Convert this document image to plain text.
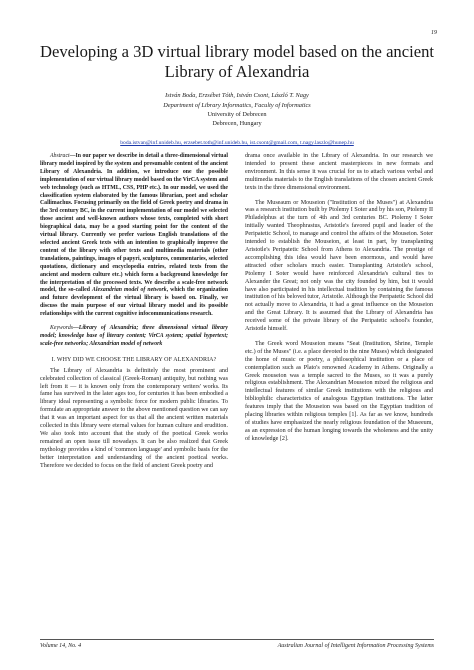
19
Developing a 3D virtual library model based on the ancient Library of Alexandria
István Boda, Erzsébet Tóth, István Csont, László T. Nagy
Department of Library Informatics, Faculty of Informatics
University of Debrecen
Debrecen, Hungary
boda.istvan@inf.unideb.hu, erzsebet.toth@inf.unideb.hu, ist.csont@gmail.com, t.nagy.laszlo@hunep.hu

Abstract—In our paper we describe in detail a three-dimensional virtual library model inspired by the system and presumable content of the ancient Library of Alexandria. In addition, we introduce one the possible implementation of our virtual library model based on the VirCA system and web technology (such as HTML, CSS, PHP etc.). In our model, we used the classification system elaborated by the famous librarian, poet and scholar Callimachus. Focusing primarily on the field of Greek poetry and drama in the 3rd century BC, in the current implementation of our model we selected those ancient and well-known authors whose texts, completed with short biographical data, may be a good starting point for the content of the virtual library. Currently we prefer various English translations of the selected ancient Greek texts with an intention to graphically improve the content of the library with other texts and multimedia materials (other translations, paintings, images of papyri, sculptures, commentaries, selected quotations, dictionary and encyclopedia entries, related texts from the ancient and modern culture etc.) which form a background knowledge for the interpretation of the processed texts. We describe a scale-free network model, the so-called Alexandrian model of network, which the organization and future development of the virtual library is based on. Finally, we discuss the main purpose of our virtual library model and its possible relationships with the current cognitive infocommunications research.

Keywords—Library of Alexandria; three dimensional virtual library model; knowledge base of literary content; VirCA system; spatial hypertext; scale-free networks; Alexandrian model of network

I. WHY DID WE CHOOSE THE LIBRARY OF ALEXANDRIA?

The Library of Alexandria is definitely the most prominent and celebrated collection of classical (Greek-Roman) antiquity, but nothing was left from it — it is known only from the contemporary writers' works. Its fame has survived in the later ages too, for centuries it has been embodied a library ideal representing a symbolic force for modern public libraries. To formulate an appropriate answer to the above mentioned question we can say that it was an important aspect for us that all the ancient written materials collected in this library were eternal values for human culture and erudition. We also took into account that the study of the poetical Greek works remained an open issue till nowadays. It can be also realized that Greek mythology provides a kind of 'common language' and symbolic basis for the better interpretation and understanding of the ancient poetical works. Therefore we decided to focus on the field of ancient Greek poetry and

drama once available in the Library of Alexandria. In our research we intended to present these ancient masterpieces in new formats and environment. In this sense it was crucial for us to attach various verbal and multimedia materials to the English translations of the chosen ancient Greek texts in the three dimensional environment.

The Museaum or Mouseion ("Institution of the Muses") at Alexandria was a research institution built by Ptolemy I Soter and by his son, Ptolemy II Philadelphus at the turn of 4th and 3rd centuries BC. Ptolemy I Soter initially wanted Theophrastus, Aristotle's favored pupil and leader of the Peripatetic School, to manage and control the affairs of the Mouseion. Soter intended to establish the Mouseion, at least in part, by transplanting Aristotle's Peripatetic School from Athens to Alexandria. The prestige of accomplishing this idea would have been enormous, and would have attracted other scholars much easier. Transplanting Aristotle's school, Ptolemy I Soter would have reinforced Alexandria's cultural ties to Alexander the Great; not only was the city founded by him, but it would have also participated in his intellectual tradition by containing the famous institution of his beloved tutor, Aristotle. Although the Peripatetic School did not actually move to Alexandria, it had a great influence on the Mouseion and the Great Library. It is assumed that the Library of Alexandria has received some of the private library of the Peripatetic school's founder, Aristotle himself.

The Greek word Mouseion means "Seat (Institution, Shrine, Temple etc.) of the Muses" (i.e. a place devoted to the nine Muses) which designated the home of music or poetry, a philosophical institution or a place of contemplation such as Plato's renowned Academy in Athens. Originally a Greek mouseion was a temple sacred to the Muses, so it was a purely religious establishment. The Alexandrian Mouseion mixed the religious and intellectual features of similar Greek institutions with the religious and bibliophilic characteristics of analogous Egyptian institutions. The latter features imply that the Mouseion was based on the Egyptian tradition of placing libraries within religious temples [1]. As far as we know, hundreds of studies have emphasized the nearly religious foundation of the Museeum, as an expression of the human longing towards the wholeness and the unity of knowledge [2].

Volume 14, No. 4	Australian Journal of Intelligent Information Processing Systems
